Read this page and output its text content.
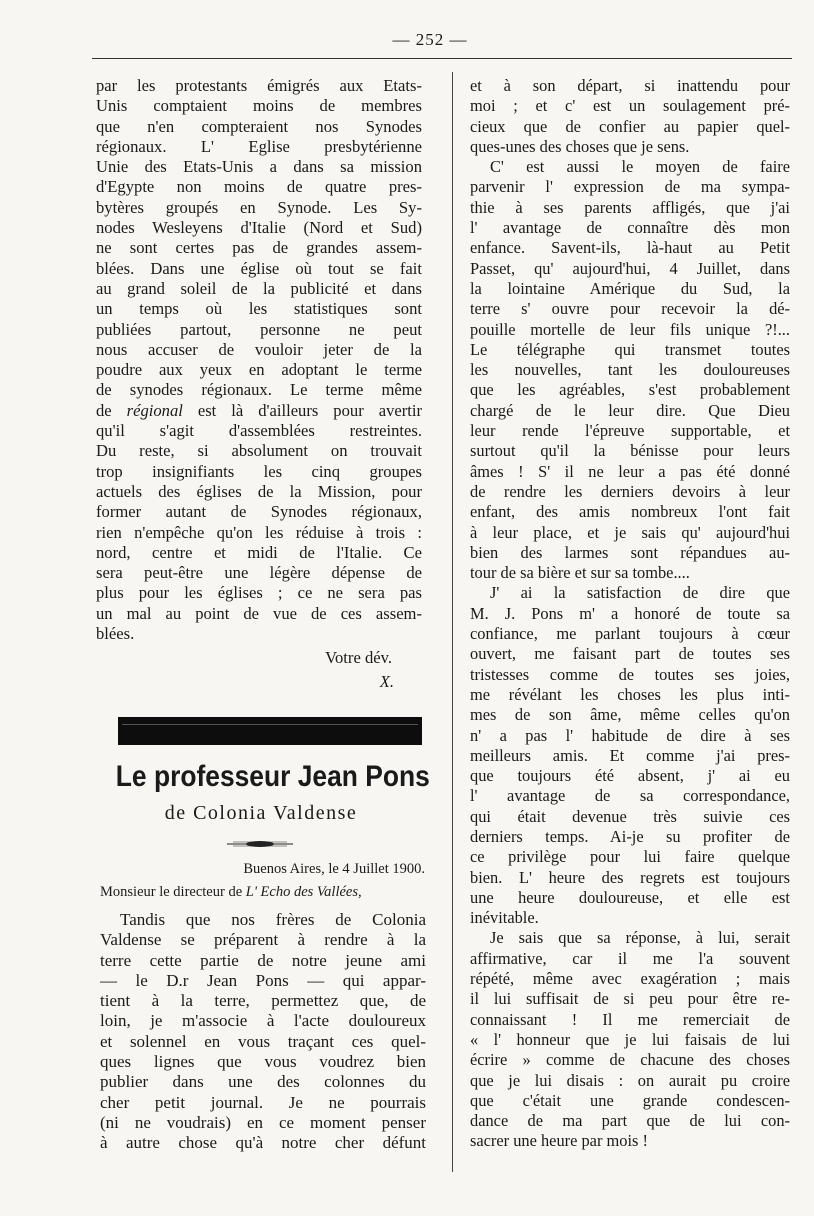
— 252 —
par les protestants émigrés aux Etats-
Unis comptaient moins de membres
que n'en compteraient nos Synodes
régionaux. L' Eglise presbytérienne
Unie des Etats-Unis a dans sa mission
d'Egypte non moins de quatre pres-
bytères groupés en Synode. Les Sy-
nodes Wesleyens d'Italie (Nord et Sud)
ne sont certes pas de grandes assem-
blées. Dans une église où tout se fait
au grand soleil de la publicité et dans
un temps où les statistiques sont
publiées partout, personne ne peut
nous accuser de vouloir jeter de la
poudre aux yeux en adoptant le terme
de synodes régionaux. Le terme même
de régional est là d'ailleurs pour avertir
qu'il s'agit d'assemblées restreintes.
Du reste, si absolument on trouvait
trop insignifiants les cinq groupes
actuels des églises de la Mission, pour
former autant de Synodes régionaux,
rien n'empêche qu'on les réduise à trois :
nord, centre et midi de l'Italie. Ce
sera peut-être une légère dépense de
plus pour les églises ; ce ne sera pas
un mal au point de vue de ces assem-
blées.
Votre dév.
X.
Le professeur Jean Pons
de Colonia Valdense
Buenos Aires, le 4 Juillet 1900.
Monsieur le directeur de L' Echo des Vallées,
Tandis que nos frères de Colonia
Valdense se préparent à rendre à la
terre cette partie de notre jeune ami
— le D.r Jean Pons — qui appar-
tient à la terre, permettez que, de
loin, je m'associe à l'acte douloureux
et solennel en vous traçant ces quel-
ques lignes que vous voudrez bien
publier dans une des colonnes du
cher petit journal. Je ne pourrais
(ni ne voudrais) en ce moment penser
à autre chose qu'à notre cher défunt
et à son départ, si inattendu pour
moi ; et c' est un soulagement pré-
cieux que de confier au papier quel-
ques-unes des choses que je sens.
C' est aussi le moyen de faire
parvenir l' expression de ma sympa-
thie à ses parents affligés, que j'ai
l' avantage de connaître dès mon
enfance. Savent-ils, là-haut au Petit
Passet, qu' aujourd'hui, 4 Juillet, dans
la lointaine Amérique du Sud, la
terre s' ouvre pour recevoir la dé-
pouille mortelle de leur fils unique ?!...
Le télégraphe qui transmet toutes
les nouvelles, tant les douloureuses
que les agréables, s'est probablement
chargé de le leur dire. Que Dieu
leur rende l'épreuve supportable, et
surtout qu'il la bénisse pour leurs
âmes ! S' il ne leur a pas été donné
de rendre les derniers devoirs à leur
enfant, des amis nombreux l'ont fait
à leur place, et je sais qu' aujourd'hui
bien des larmes sont répandues au-
tour de sa bière et sur sa tombe....
J' ai la satisfaction de dire que
M. J. Pons m' a honoré de toute sa
confiance, me parlant toujours à cœur
ouvert, me faisant part de toutes ses
tristesses comme de toutes ses joies,
me révélant les choses les plus inti-
mes de son âme, même celles qu'on
n' a pas l' habitude de dire à ses
meilleurs amis. Et comme j'ai pres-
que toujours été absent, j' ai eu
l' avantage de sa correspondance,
qui était devenue très suivie ces
derniers temps. Ai-je su profiter de
ce privilège pour lui faire quelque
bien. L' heure des regrets est toujours
une heure douloureuse, et elle est
inévitable.
Je sais que sa réponse, à lui, serait
affirmative, car il me l'a souvent
répété, même avec exagération ; mais
il lui suffisait de si peu pour être re-
connaissant ! Il me remerciait de
« l' honneur que je lui faisais de lui
écrire » comme de chacune des choses
que je lui disais : on aurait pu croire
que c'était une grande condescen-
dance de ma part que de lui con-
sacrer une heure par mois !
